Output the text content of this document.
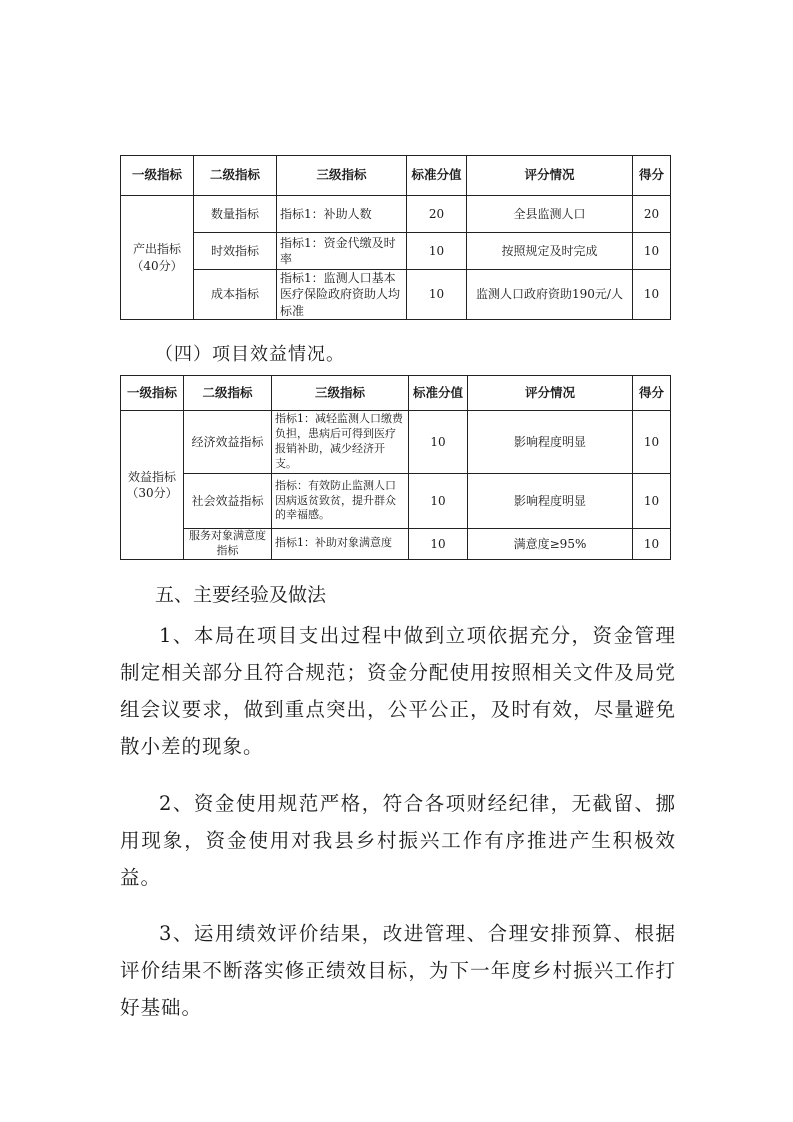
一级指标	二级指标	三级指标	标准分值	评分情况	得分
产出指标（40分）	数量指标	指标1：补助人数	20	全县监测人口	20
	时效指标	指标1：资金代缴及时率	10	按照规定及时完成	10
	成本指标	指标1：监测人口基本医疗保险政府资助人均标准	10	监测人口政府资助190元/人	10
（四）项目效益情况。
一级指标	二级指标	三级指标	标准分值	评分情况	得分
效益指标（30分）	经济效益指标	指标1：减轻监测人口缴费负担，患病后可得到医疗报销补助，减少经济开支。	10	影响程度明显	10
	社会效益指标	指标：有效防止监测人口因病返贫致贫，提升群众的幸福感。	10	影响程度明显	10
	服务对象满意度指标	指标1：补助对象满意度	10	满意度≥95%	10
五、主要经验及做法

1、本局在项目支出过程中做到立项依据充分，资金管理制定相关部分且符合规范；资金分配使用按照相关文件及局党组会议要求，做到重点突出，公平公正，及时有效，尽量避免散小差的现象。

2、资金使用规范严格，符合各项财经纪律，无截留、挪用现象，资金使用对我县乡村振兴工作有序推进产生积极效益。

3、运用绩效评价结果，改进管理、合理安排预算、根据评价结果不断落实修正绩效目标，为下一年度乡村振兴工作打好基础。
